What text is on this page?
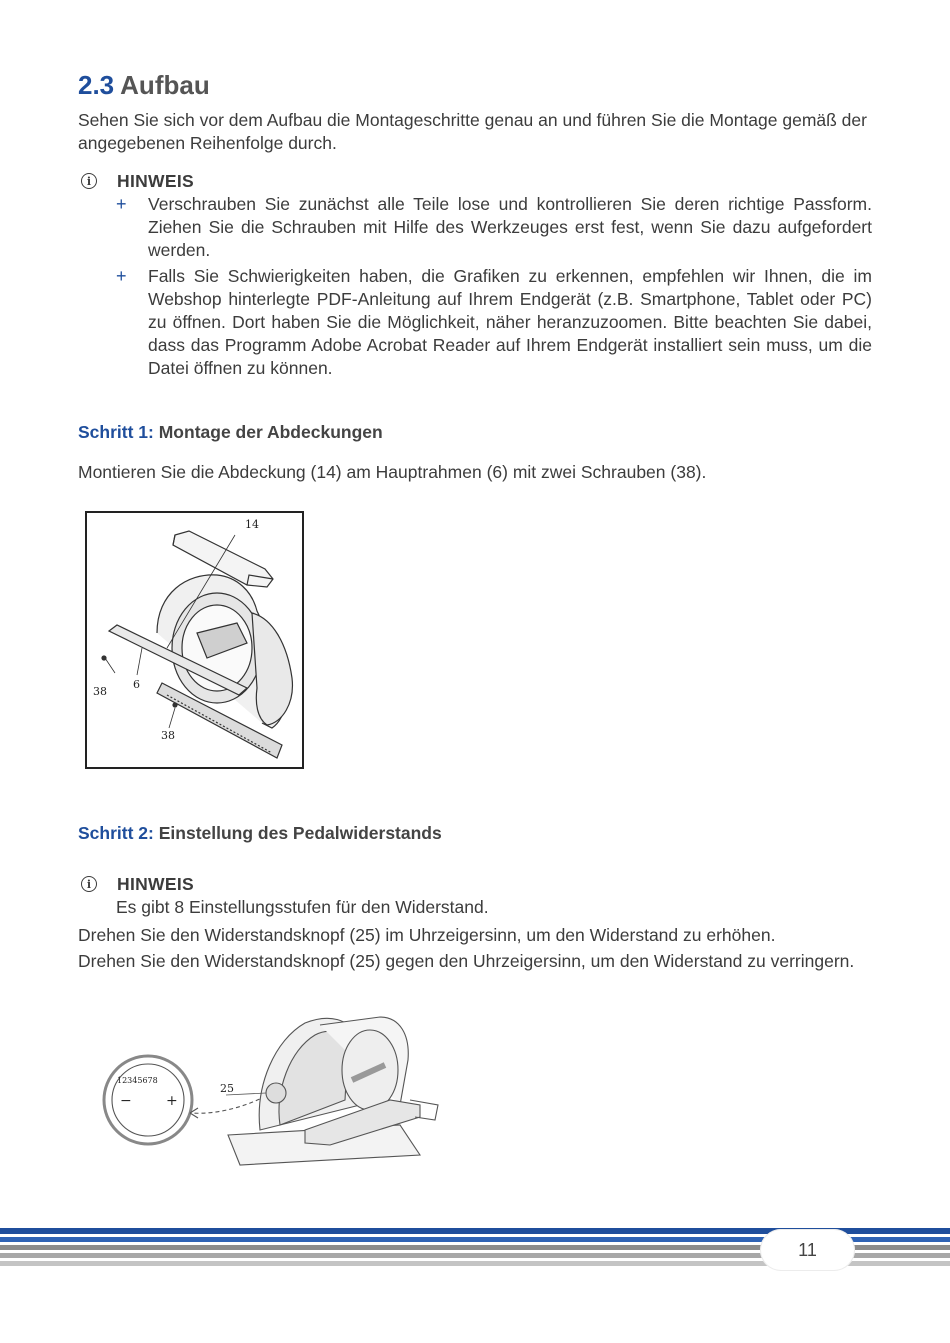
2.3 Aufbau

Sehen Sie sich vor dem Aufbau die Montageschritte genau an und führen Sie die Montage gemäß der angegebenen Reihenfolge durch.

i	HINWEIS
+ Verschrauben Sie zunächst alle Teile lose und kontrollieren Sie deren richtige Passform. Ziehen Sie die Schrauben mit Hilfe des Werkzeuges erst fest, wenn Sie dazu aufgefordert werden.
+ Falls Sie Schwierigkeiten haben, die Grafiken zu erkennen, empfehlen wir Ihnen, die im Webshop hinterlegte PDF-Anleitung auf Ihrem Endgerät (z.B. Smartphone, Tablet oder PC) zu öffnen. Dort haben Sie die Möglichkeit, näher heranzuzoomen. Bitte beachten Sie dabei, dass das Programm Adobe Acrobat Reader auf Ihrem Endgerät installiert sein muss, um die Datei öffnen zu können.
Schritt 1: Montage der Abdeckungen

Montieren Sie die Abdeckung (14) am Hauptrahmen (6) mit zwei Schrauben (38).

14
6
38
38
Schritt 2: Einstellung des Pedalwiderstands
i	HINWEIS

Es gibt 8 Einstellungsstufen für den Widerstand.

Drehen Sie den Widerstandsknopf (25) im Uhrzeigersinn, um den Widerstand zu erhöhen.

Drehen Sie den Widerstandsknopf (25) gegen den Uhrzeigersinn, um den Widerstand zu verringern.

12345678
− +
25
11
